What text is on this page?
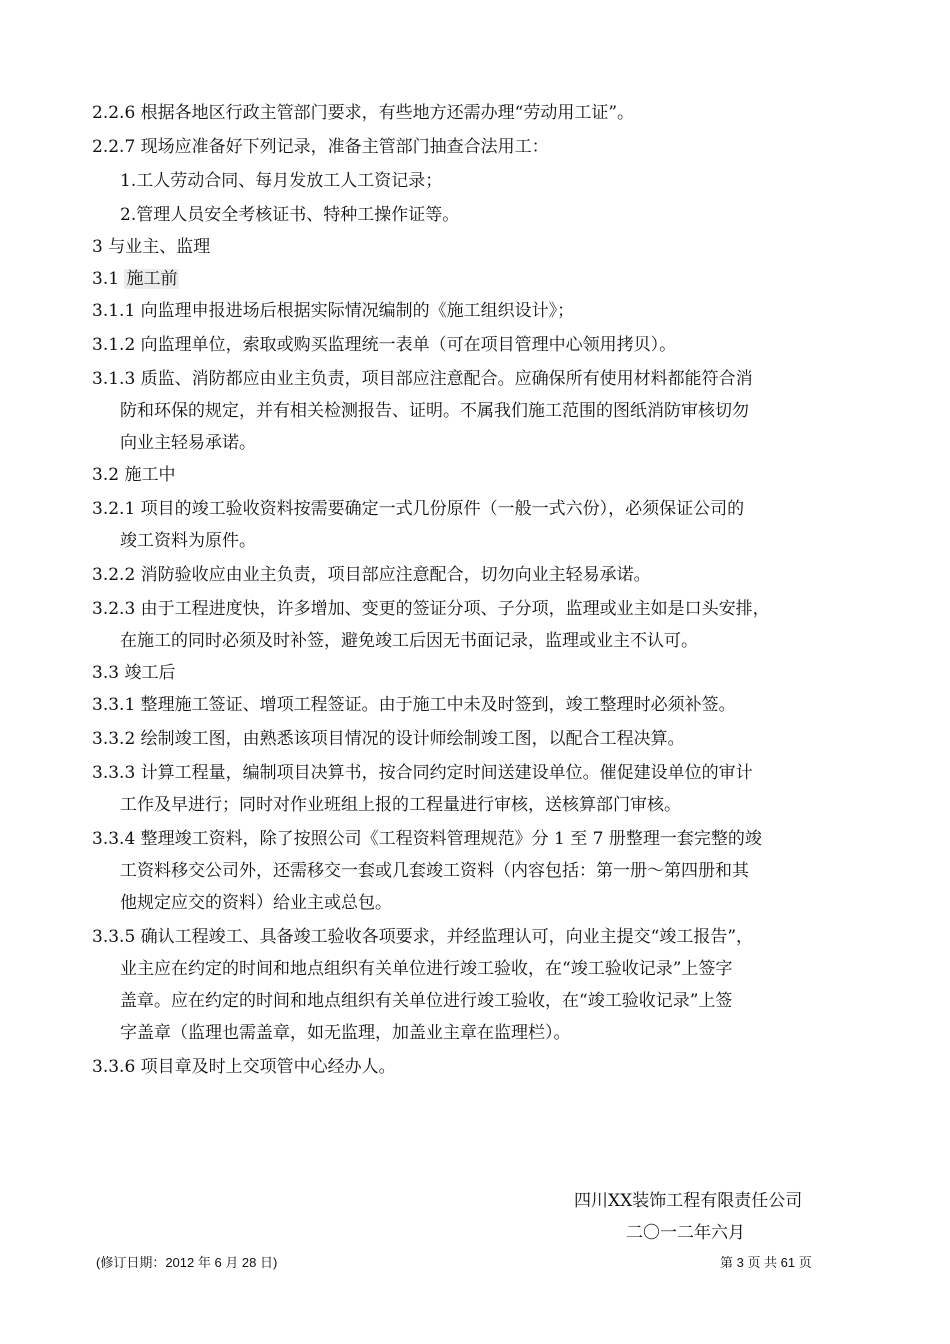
2.2.6 根据各地区行政主管部门要求，有些地方还需办理“劳动用工证”。
2.2.7 现场应准备好下列记录，准备主管部门抽查合法用工：
1.工人劳动合同、每月发放工人工资记录；
2.管理人员安全考核证书、特种工操作证等。
3 与业主、监理
3.1 施工前
3.1.1 向监理申报进场后根据实际情况编制的《施工组织设计》；
3.1.2 向监理单位，索取或购买监理统一表单（可在项目管理中心领用拷贝）。
3.1.3 质监、消防都应由业主负责，项目部应注意配合。应确保所有使用材料都能符合消
防和环保的规定，并有相关检测报告、证明。不属我们施工范围的图纸消防审核切勿
向业主轻易承诺。
3.2 施工中
3.2.1 项目的竣工验收资料按需要确定一式几份原件（一般一式六份），必须保证公司的
竣工资料为原件。
3.2.2 消防验收应由业主负责，项目部应注意配合，切勿向业主轻易承诺。
3.2.3 由于工程进度快，许多增加、变更的签证分项、子分项，监理或业主如是口头安排，
在施工的同时必须及时补签，避免竣工后因无书面记录，监理或业主不认可。
3.3 竣工后
3.3.1 整理施工签证、增项工程签证。由于施工中未及时签到，竣工整理时必须补签。
3.3.2 绘制竣工图，由熟悉该项目情况的设计师绘制竣工图，以配合工程决算。
3.3.3 计算工程量，编制项目决算书，按合同约定时间送建设单位。催促建设单位的审计
工作及早进行；同时对作业班组上报的工程量进行审核，送核算部门审核。
3.3.4 整理竣工资料，除了按照公司《工程资料管理规范》分 1 至 7 册整理一套完整的竣
工资料移交公司外，还需移交一套或几套竣工资料（内容包括：第一册～第四册和其
他规定应交的资料）给业主或总包。
3.3.5 确认工程竣工、具备竣工验收各项要求，并经监理认可，向业主提交“竣工报告”，
业主应在约定的时间和地点组织有关单位进行竣工验收，在“竣工验收记录”上签字
盖章。应在约定的时间和地点组织有关单位进行竣工验收，在“竣工验收记录”上签
字盖章（监理也需盖章，如无监理，加盖业主章在监理栏）。
3.3.6 项目章及时上交项管中心经办人。
四川XX装饰工程有限责任公司
二〇一二年六月
(修订日期：2012 年 6 月 28 日)	第 3 页 共 61 页
